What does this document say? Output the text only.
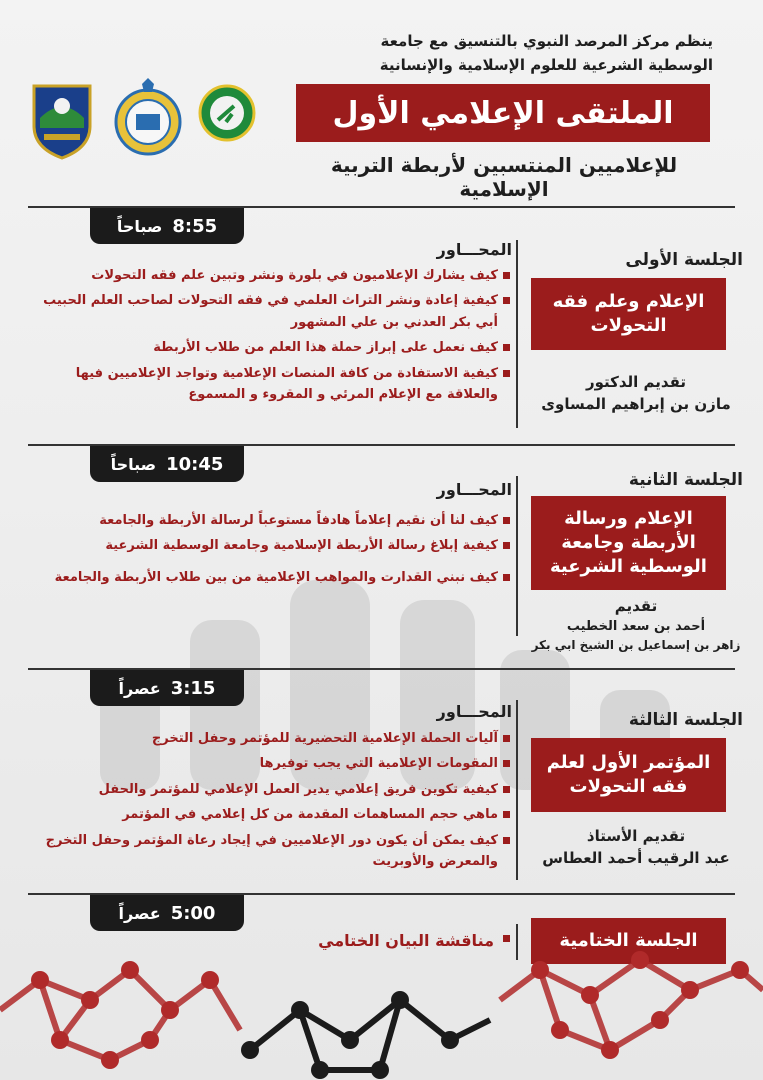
ينظم مركز المرصد النبوي بالتنسيق مع جامعة
الوسطية الشرعية للعلوم الإسلامية والإنسانية
الملتقى الإعلامي الأول
للإعلاميين المنتسبين لأربطة التربية الإسلامية
8:55
صباحاً
الجلسة الأولى
الإعلام وعلم فقه التحولات
تقديم الدكتور
مازن بن إبراهيم المساوى
المحـــاور
كيف يشارك الإعلاميون في بلورة ونشر وتبين علم فقه التحولات
كيفية إعادة ونشر التراث العلمي في فقه التحولات لصاحب العلم الحبيب أبي بكر العدني بن علي المشهور
كيف نعمل على إبراز حملة هذا العلم من طلاب الأربطة
كيفية الاستفادة من كافة المنصات الإعلامية وتواجد الإعلاميين فيها والعلاقة مع الإعلام المرئي و المقروء و المسموع
10:45
صباحاً
الجلسة الثانية
الإعلام ورسالة الأربطة وجامعة الوسطية الشرعية
تقديم
أحمد بن سعد الخطيب
زاهر بن إسماعيل بن الشيخ ابي بكر
المحـــاور
كيف لنا أن نقيم إعلاماً هادفاً مستوعباً لرسالة الأربطة والجامعة
كيفية إبلاغ رسالة الأربطة الإسلامية وجامعة الوسطية الشرعية
كيف نبني القدارت والمواهب الإعلامية من بين طلاب الأربطة والجامعة
3:15
عصراً
الجلسة الثالثة
المؤتمر الأول لعلم فقه التحولات
تقديم الأستاذ
عبد الرقيب أحمد العطاس
المحـــاور
آليات الحملة الإعلامية التحضيرية للمؤتمر وحفل التخرج
المقومات الإعلامية التي يجب توفيرها
كيفية تكوين فريق إعلامي يدير العمل الإعلامي للمؤتمر والحفل
ماهي حجم المساهمات المقدمة من كل إعلامي في المؤتمر
كيف يمكن أن يكون دور الإعلاميين في إيجاد رعاة المؤتمر وحفل التخرج والمعرض والأوبريت
5:00
عصراً
الجلسة الختامية
مناقشة البيان الختامي
